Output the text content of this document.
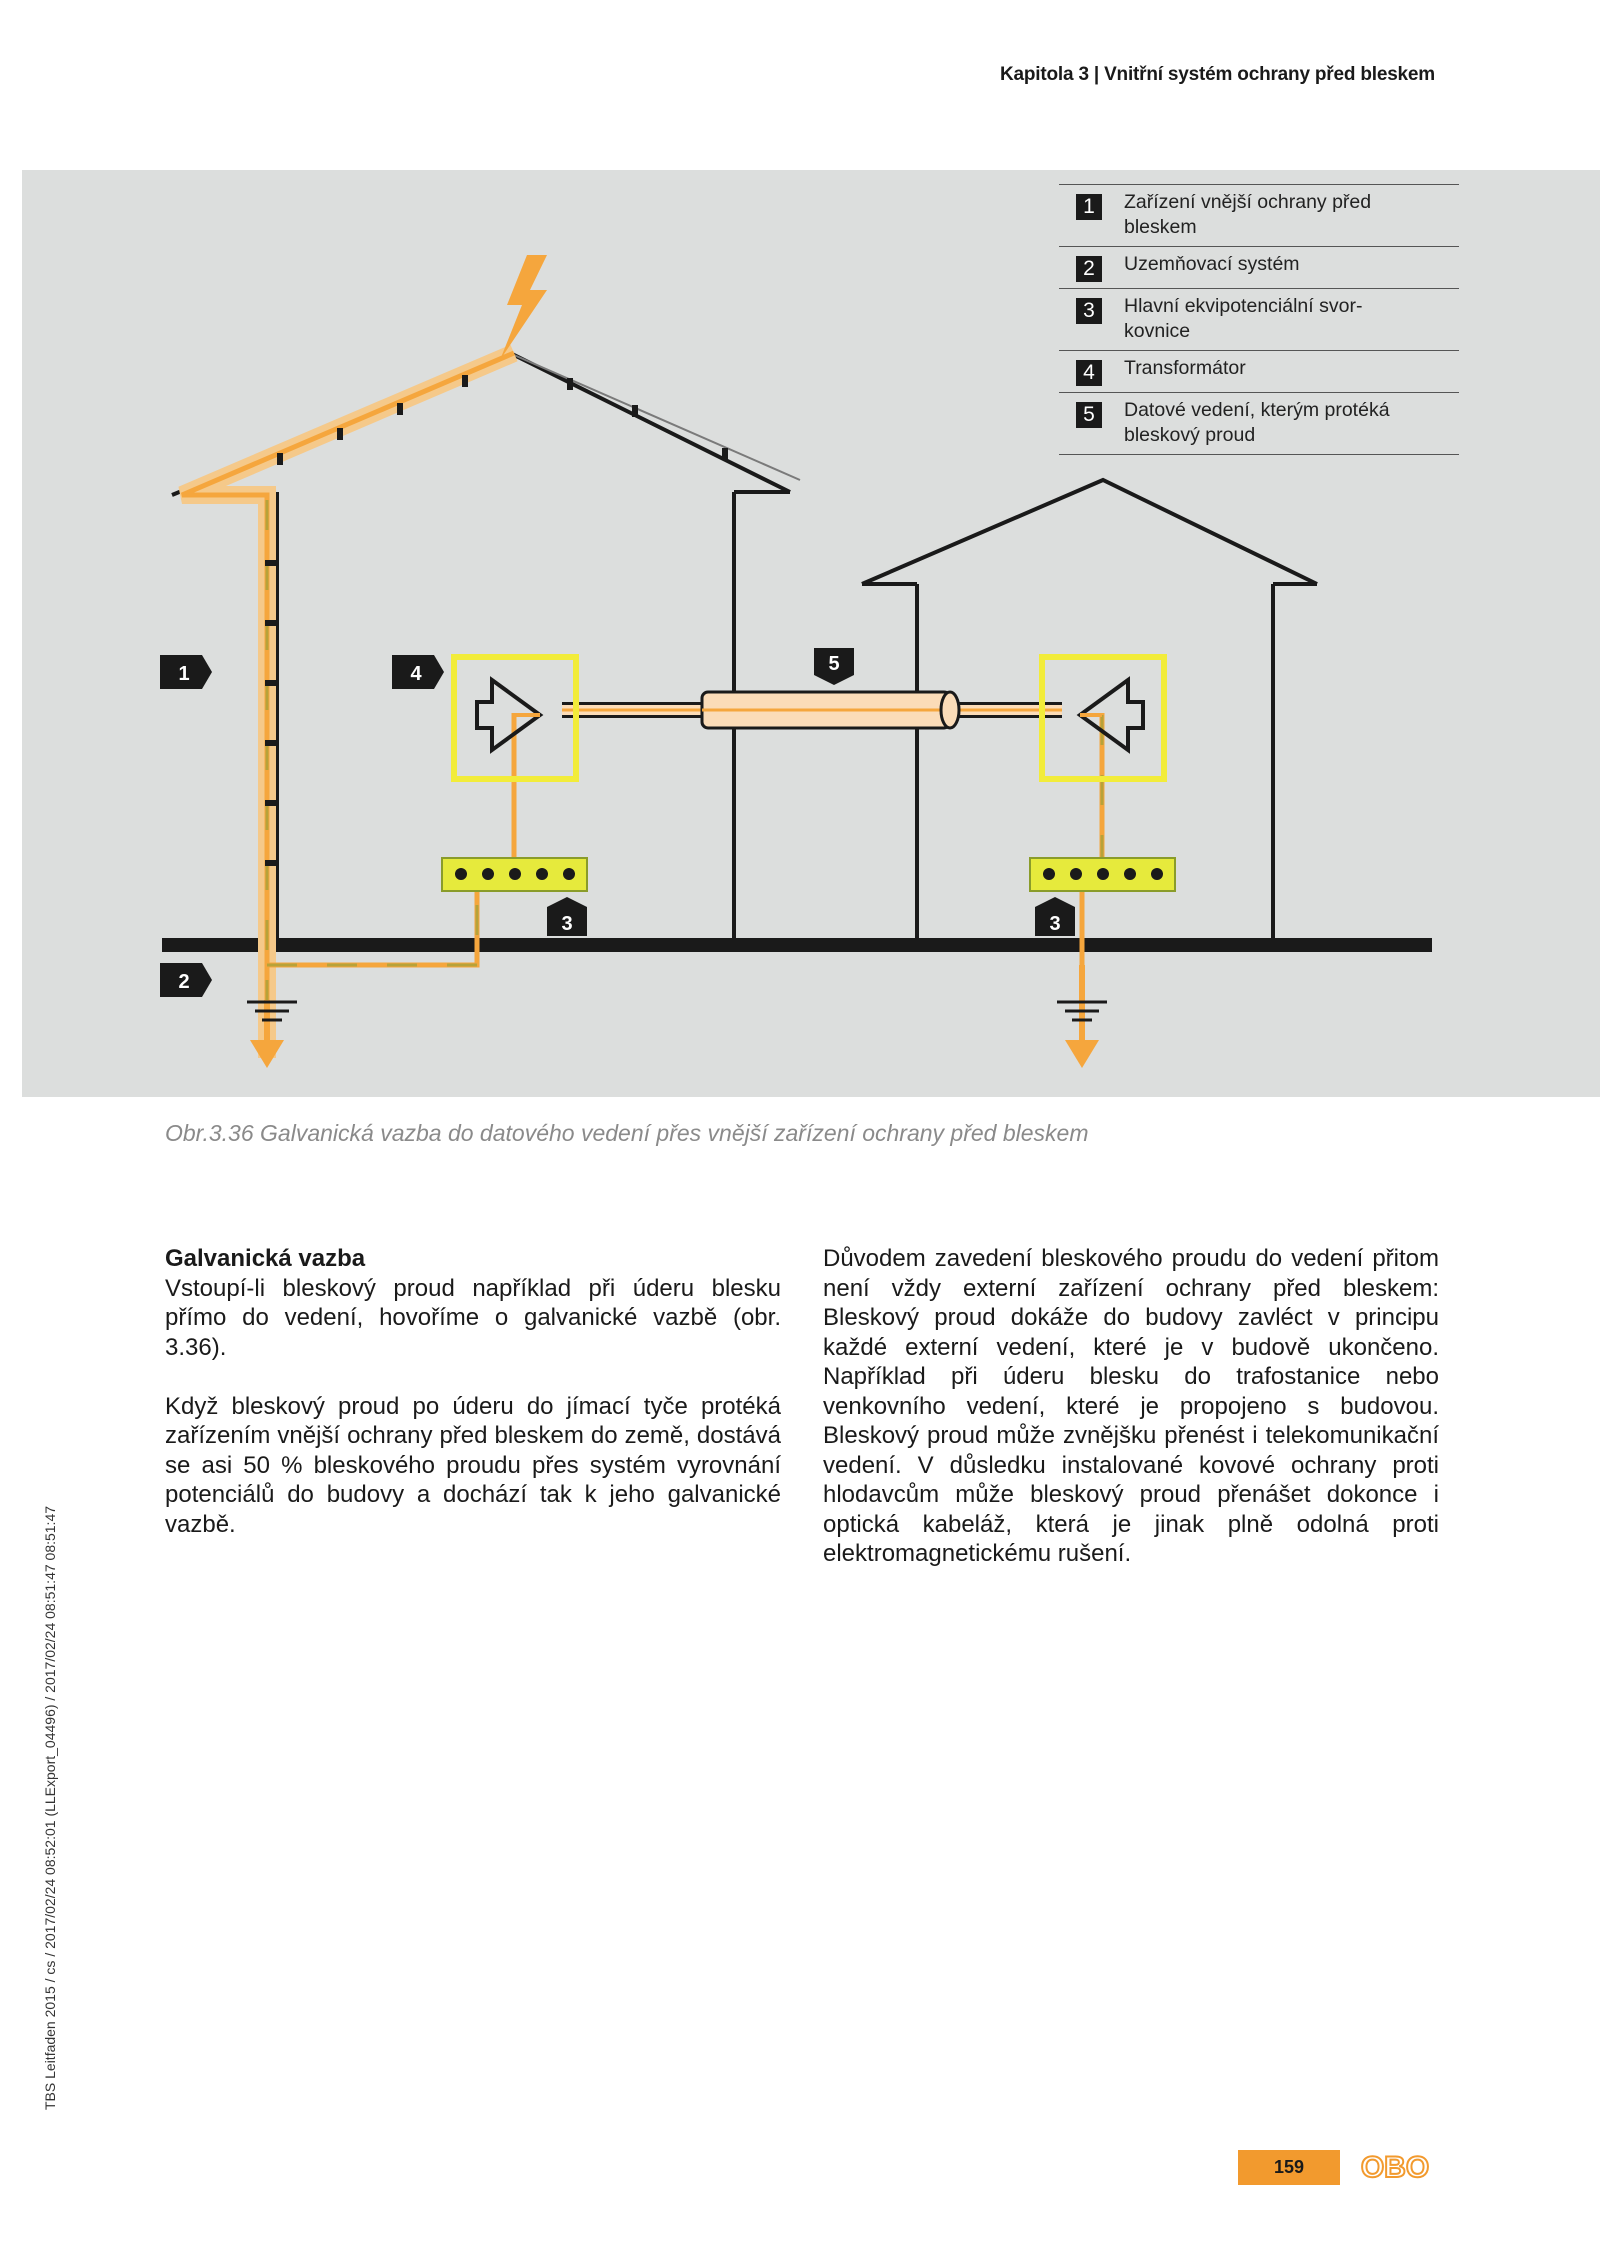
Kapitola 3 | Vnitřní systém ochrany před bleskem
1
2
4	5
3	3
1	Zařízení vnější ochrany před bleskem
2	Uzemňovací systém
3	Hlavní ekvipotenciální svor-kovnice
4	Transformátor
5	Datové vedení, kterým protéká bleskový proud
Obr.3.36 Galvanická vazba do datového vedení přes vnější zařízení ochrany před bleskem
Galvanická vazba

Vstoupí-li bleskový proud například při úderu blesku přímo do vedení, hovoříme o galvanické vazbě (obr. 3.36).

Když bleskový proud po úderu do jímací tyče protéká zařízením vnější ochrany před bleskem do země, dostává se asi 50 % bleskového proudu přes systém vyrovnání potenciálů do budovy a dochází tak k jeho galvanické vazbě.

Důvodem zavedení bleskového proudu do vedení přitom není vždy externí zařízení ochrany před bleskem: Bleskový proud dokáže do budovy zavléct v principu každé externí vedení, které je v budově ukončeno. Například při úderu blesku do trafostanice nebo venkovního vedení, které je propojeno s budovou. Bleskový proud může zvnějšku přenést i telekomunikační vedení. V důsledku instalované kovové ochrany proti hlodavcům může bleskový proud přenášet dokonce i optická kabeláž, která je jinak plně odolná proti elektromagnetickému rušení.

TBS Leitfaden 2015 / cs / 2017/02/24 08:52:01 (LLExport_04496) / 2017/02/24 08:51:47 08:51:47
159	OBO
